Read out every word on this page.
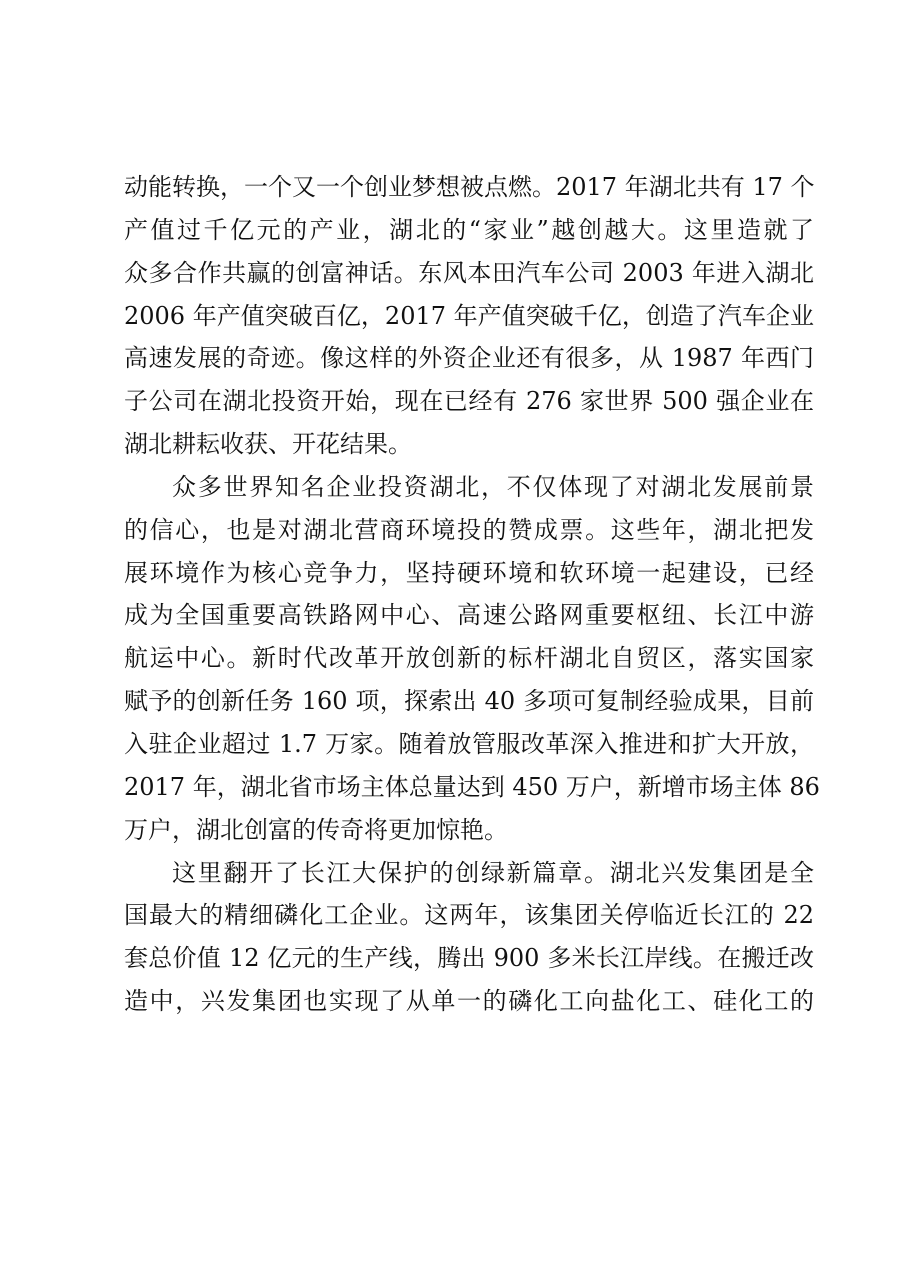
动能转换，一个又一个创业梦想被点燃。2017 年湖北共有 17 个
产值过千亿元的产业，湖北的“家业”越创越大。这里造就了
众多合作共赢的创富神话。东风本田汽车公司 2003 年进入湖北
2006 年产值突破百亿，2017 年产值突破千亿，创造了汽车企业
高速发展的奇迹。像这样的外资企业还有很多，从 1987 年西门
子公司在湖北投资开始，现在已经有 276 家世界 500 强企业在
湖北耕耘收获、开花结果。
众多世界知名企业投资湖北，不仅体现了对湖北发展前景
的信心，也是对湖北营商环境投的赞成票。这些年，湖北把发
展环境作为核心竞争力，坚持硬环境和软环境一起建设，已经
成为全国重要高铁路网中心、高速公路网重要枢纽、长江中游
航运中心。新时代改革开放创新的标杆湖北自贸区，落实国家
赋予的创新任务 160 项，探索出 40 多项可复制经验成果，目前
入驻企业超过 1.7 万家。随着放管服改革深入推进和扩大开放，
2017 年，湖北省市场主体总量达到 450 万户，新增市场主体 86
万户，湖北创富的传奇将更加惊艳。
这里翻开了长江大保护的创绿新篇章。湖北兴发集团是全
国最大的精细磷化工企业。这两年，该集团关停临近长江的 22
套总价值 12 亿元的生产线，腾出 900 多米长江岸线。在搬迁改
造中，兴发集团也实现了从单一的磷化工向盐化工、硅化工的
